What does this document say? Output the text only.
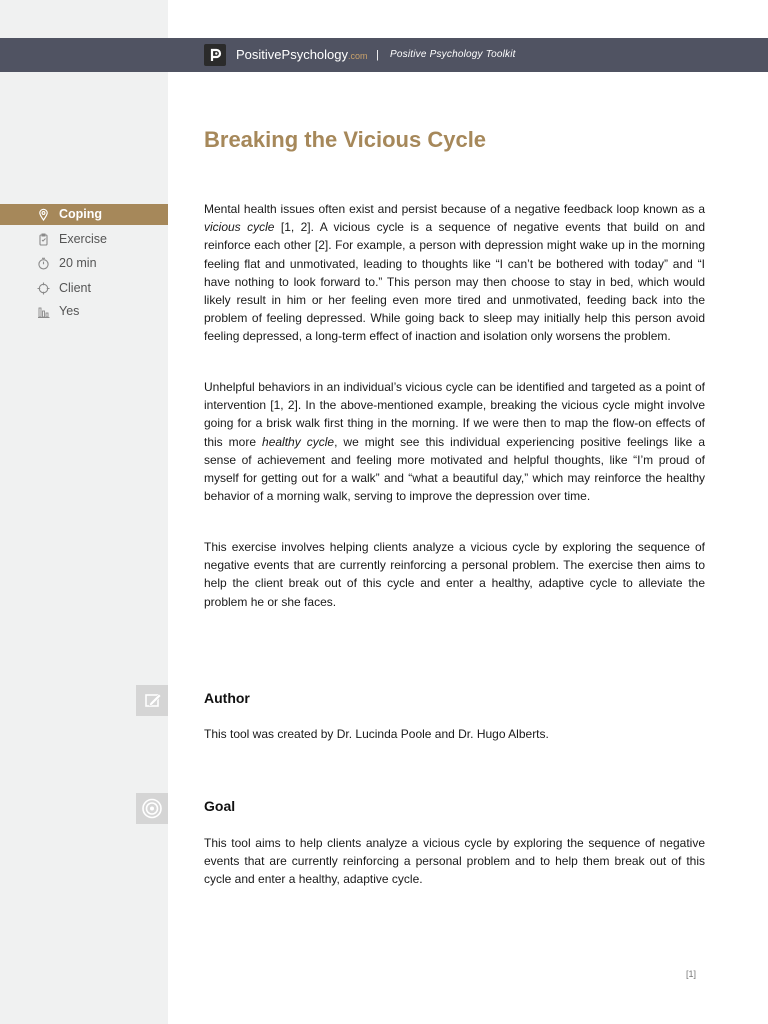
PositivePsychology.com | Positive Psychology Toolkit
Breaking the Vicious Cycle
Coping
Exercise
20 min
Client
Yes

Mental health issues often exist and persist because of a negative feedback loop known as a vicious cycle [1, 2]. A vicious cycle is a sequence of negative events that build on and reinforce each other [2]. For example, a person with depression might wake up in the morning feeling flat and unmotivated, leading to thoughts like “I can’t be bothered with today” and “I have nothing to look forward to.” This person may then choose to stay in bed, which would likely result in him or her feeling even more tired and unmotivated, feeding back into the problem of feeling depressed. While going back to sleep may initially help this person avoid feeling depressed, a long-term effect of inaction and isolation only worsens the problem.

Unhelpful behaviors in an individual’s vicious cycle can be identified and targeted as a point of intervention [1, 2]. In the above-mentioned example, breaking the vicious cycle might involve going for a brisk walk first thing in the morning. If we were then to map the flow-on effects of this more healthy cycle, we might see this individual experiencing positive feelings like a sense of achievement and feeling more motivated and helpful thoughts, like “I’m proud of myself for getting out for a walk” and “what a beautiful day,” which may reinforce the healthy behavior of a morning walk, serving to improve the depression over time.

This exercise involves helping clients analyze a vicious cycle by exploring the sequence of negative events that are currently reinforcing a personal problem. The exercise then aims to help the client break out of this cycle and enter a healthy, adaptive cycle to alleviate the problem he or she faces.

Author

This tool was created by Dr. Lucinda Poole and Dr. Hugo Alberts.

Goal

This tool aims to help clients analyze a vicious cycle by exploring the sequence of negative events that are currently reinforcing a personal problem and to help them break out of this cycle and enter a healthy, adaptive cycle.

[1]
